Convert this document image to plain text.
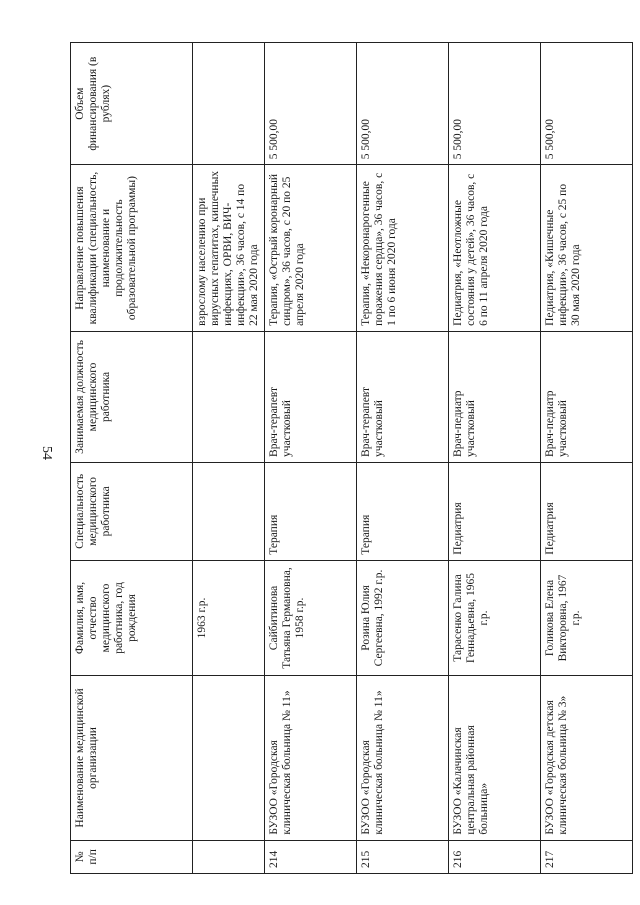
54
№ п/п	Наименование медицинской организации	Фамилия, имя, отчество медицинского работника, год рождения	Специальность медицинского работника	Занимаемая должность медицинского работника	Направление повышения квалификации (специальность, наименование и продолжительность образовательной программы)	Объем финансирования (в рублях)
		1963 г.р.			взрослому населению при вирусных гепатитах, кишечных инфекциях, ОРВИ, ВИЧ-инфекции», 36 часов, с 14 по 22 мая 2020 года	
214	БУЗОО «Городская клиническая больница № 11»	Сайбитинова Татьяна Германовна, 1958 г.р.	Терапия	Врач-терапевт участковый	Терапия, «Острый коронарный синдром», 36 часов, с 20 по 25 апреля 2020 года	5 500,00
215	БУЗОО «Городская клиническая больница № 11»	Розина Юлия Сергеевна, 1992 г.р.	Терапия	Врач-терапевт участковый	Терапия, «Некоронарогенные поражения сердца», 36 часов, с 1 по 6 июня 2020 года	5 500,00
216	БУЗОО «Калачинская центральная районная больница»	Тарасенко Галина Геннадьевна, 1965 г.р.	Педиатрия	Врач-педиатр участковый	Педиатрия, «Неотложные состояния у детей», 36 часов, с 6 по 11 апреля 2020 года	5 500,00
217	БУЗОО «Городская детская клиническая больница № 3»	Голикова Елена Викторовна, 1967 г.р.	Педиатрия	Врач-педиатр участковый	Педиатрия, «Кишечные инфекции», 36 часов, с 25 по 30 мая 2020 года	5 500,00
